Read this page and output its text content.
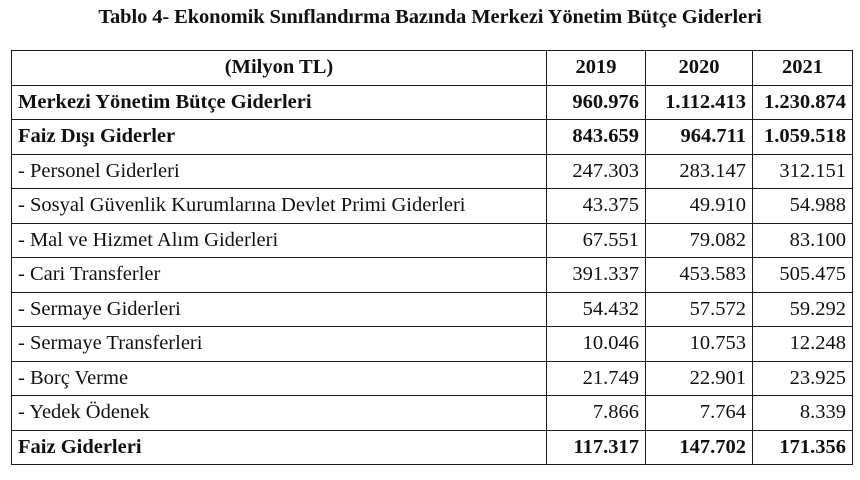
Tablo 4- Ekonomik Sınıflandırma Bazında Merkezi Yönetim Bütçe Giderleri
(Milyon TL)	2019	2020	2021
Merkezi Yönetim Bütçe Giderleri	960.976	1.112.413	1.230.874
Faiz Dışı Giderler	843.659	964.711	1.059.518
- Personel Giderleri	247.303	283.147	312.151
- Sosyal Güvenlik Kurumlarına Devlet Primi Giderleri	43.375	49.910	54.988
- Mal ve Hizmet Alım Giderleri	67.551	79.082	83.100
- Cari Transferler	391.337	453.583	505.475
- Sermaye Giderleri	54.432	57.572	59.292
- Sermaye Transferleri	10.046	10.753	12.248
- Borç Verme	21.749	22.901	23.925
- Yedek Ödenek	7.866	7.764	8.339
Faiz Giderleri	117.317	147.702	171.356
